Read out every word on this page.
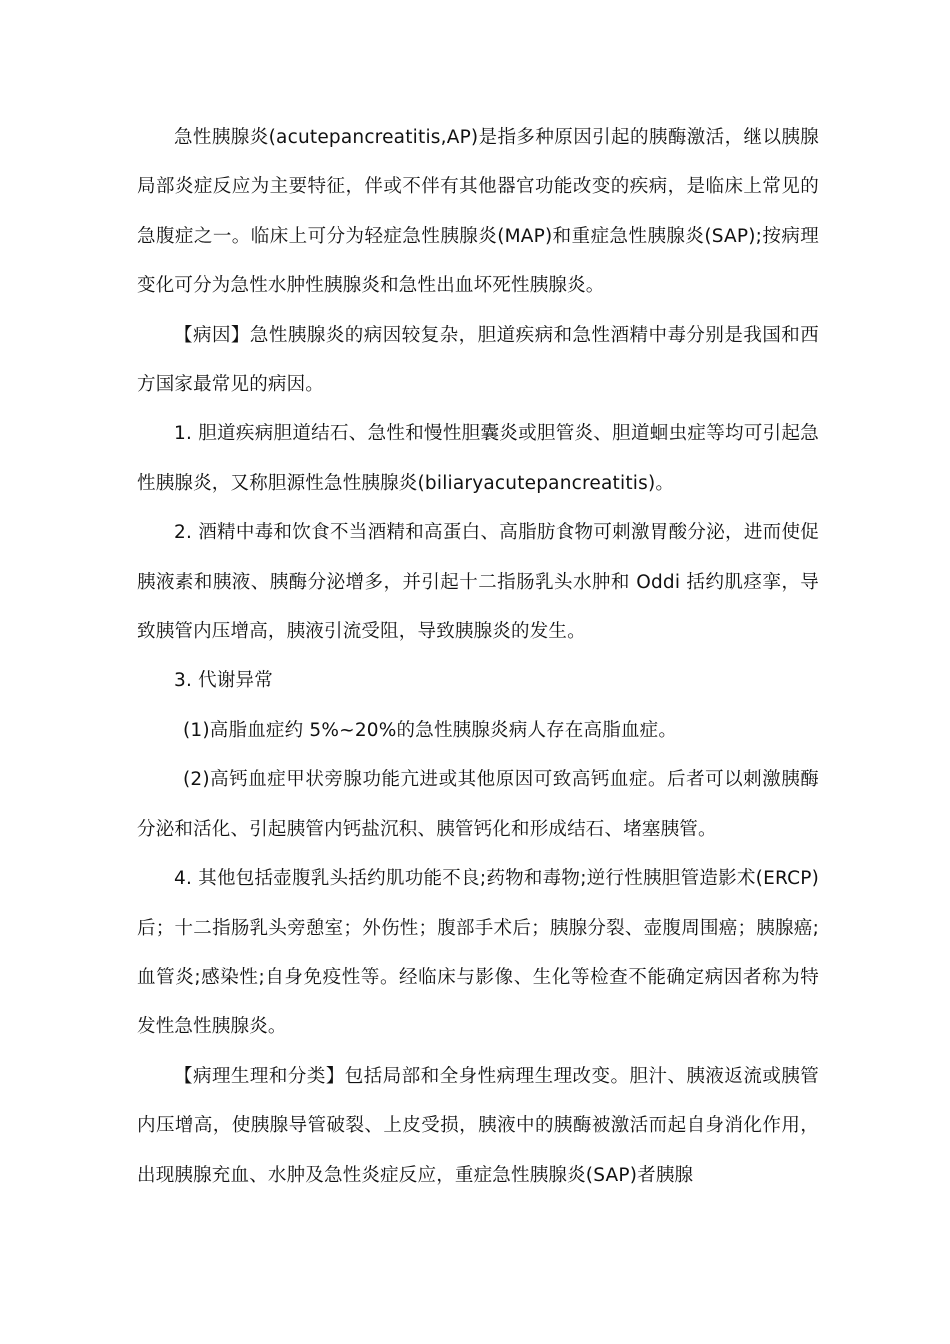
急性胰腺炎(acutepancreatitis,AP)是指多种原因引起的胰酶激活，继以胰腺局部炎症反应为主要特征，伴或不伴有其他器官功能改变的疾病，是临床上常见的急腹症之一。临床上可分为轻症急性胰腺炎(MAP)和重症急性胰腺炎(SAP);按病理变化可分为急性水肿性胰腺炎和急性出血坏死性胰腺炎。

【病因】急性胰腺炎的病因较复杂，胆道疾病和急性酒精中毒分别是我国和西方国家最常见的病因。

1. 胆道疾病胆道结石、急性和慢性胆囊炎或胆管炎、胆道蛔虫症等均可引起急性胰腺炎，又称胆源性急性胰腺炎(biliaryacutepancreatitis)。

2. 酒精中毒和饮食不当酒精和高蛋白、高脂肪食物可刺激胃酸分泌，进而使促胰液素和胰液、胰酶分泌增多，并引起十二指肠乳头水肿和 Oddi 括约肌痉挛，导致胰管内压增高，胰液引流受阻，导致胰腺炎的发生。

3. 代谢异常

(1)高脂血症约 5%~20%的急性胰腺炎病人存在高脂血症。

(2)高钙血症甲状旁腺功能亢进或其他原因可致高钙血症。后者可以刺激胰酶分泌和活化、引起胰管内钙盐沉积、胰管钙化和形成结石、堵塞胰管。

4. 其他包括壶腹乳头括约肌功能不良;药物和毒物;逆行性胰胆管造影术(ERCP)后；十二指肠乳头旁憩室；外伤性；腹部手术后；胰腺分裂、壶腹周围癌；胰腺癌;血管炎;感染性;自身免疫性等。经临床与影像、生化等检查不能确定病因者称为特发性急性胰腺炎。

【病理生理和分类】包括局部和全身性病理生理改变。胆汁、胰液返流或胰管内压增高，使胰腺导管破裂、上皮受损，胰液中的胰酶被激活而起自身消化作用，出现胰腺充血、水肿及急性炎症反应，重症急性胰腺炎(SAP)者胰腺
